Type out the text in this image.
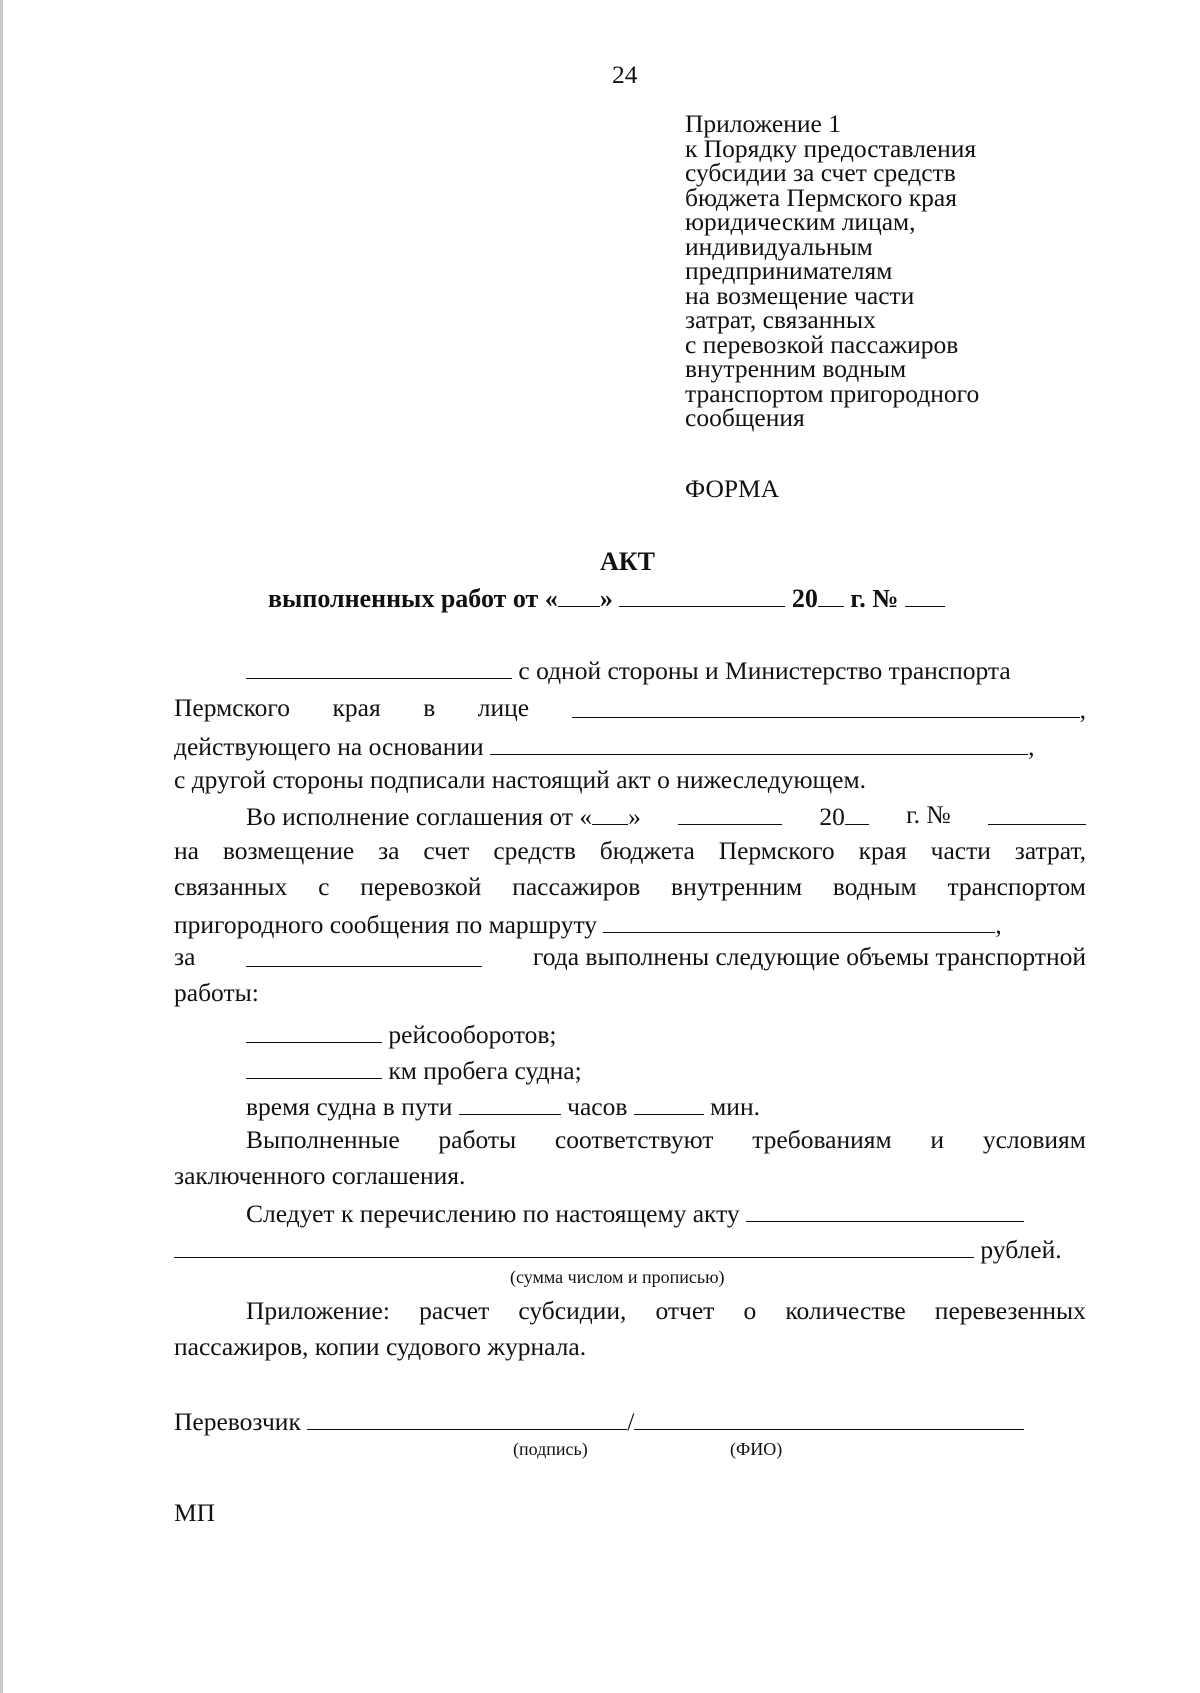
24
Приложение 1
к Порядку предоставления
субсидии за счет средств
бюджета Пермского края
юридическим лицам,
индивидуальным
предпринимателям
на возмещение части
затрат, связанных
с перевозкой пассажиров
внутренним водным
транспортом пригородного
сообщения
ФОРМА
АКТ
выполненных работ от « »	20 г. №
с одной стороны и Министерство транспорта
Пермского края в лице	,
действующего на основании	,
с другой стороны подписали настоящий акт о нижеследующем.
Во исполнение соглашения от « »	20	г. №
на возмещение за счет средств бюджета Пермского края части затрат,
связанных с перевозкой пассажиров внутренним водным транспортом
пригородного сообщения по маршруту	,
за	года выполнены следующие объемы транспортной
работы:
рейсооборотов;
км пробега судна;
время судна в пути	часов	мин.
Выполненные работы соответствуют требованиям и условиям
заключенного соглашения.
Следует к перечислению по настоящему акту
рублей.
(сумма числом и прописью)
Приложение: расчет субсидии, отчет о количестве перевезенных
пассажиров, копии судового журнала.
Перевозчик	/
(подпись)	(ФИО)
МП
